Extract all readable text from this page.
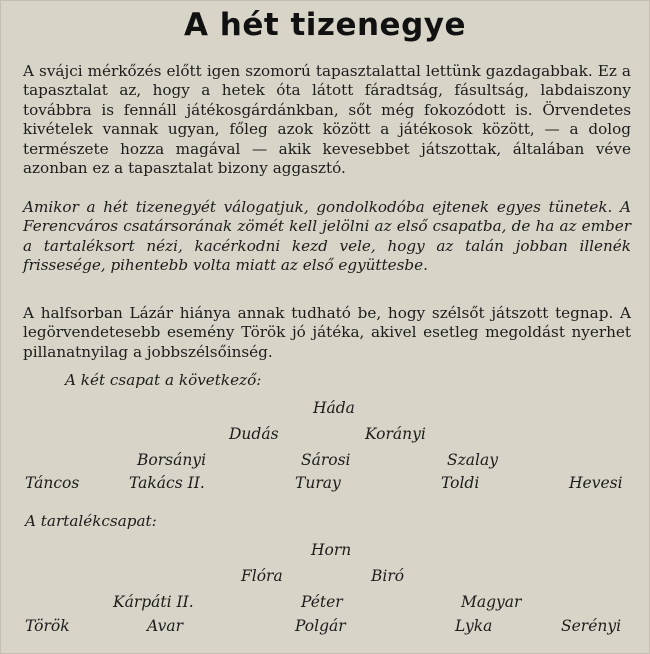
A hét tizenegye

A svájci mérkőzés előtt igen szomorú tapasztalattal lettünk gazdagabbak. Ez a tapasztalat az, hogy a hetek óta látott fáradtság, fásultság, labdaiszony továbbra is fennáll játékosgárdánkban, sőt még fokozódott is. Örvendetes kivételek vannak ugyan, főleg azok között a játékosok között, — a dolog természete hozza magával — akik kevesebbet játszottak, általában véve azonban ez a tapasztalat bizony aggasztó.

Amikor a hét tizenegyét válogatjuk, gondolkodóba ejtenek egyes tünetek. A Ferencváros csatársorának zömét kell jelölni az első csapatba, de ha az ember a tartaléksort nézi, kacérkodni kezd vele, hogy az talán jobban illenék frissesége, pihentebb volta miatt az első együttesbe.

A halfsorban Lázár hiánya annak tudható be, hogy szélsőt játszott tegnap. A legörvendetesebb esemény Török jó játéka, akivel esetleg megoldást nyerhet pillanatnyilag a jobbszélsőinség.

A két csapat a következő:
Háda
Dudás	Korányi
Borsányi	Sárosi	Szalay
Táncos	Takács II.	Turay	Toldi	Hevesi
A tartalékcsapat:
Horn
Flóra	Biró
Kárpáti II.	Péter	Magyar
Török	Avar	Polgár	Lyka	Serényi
